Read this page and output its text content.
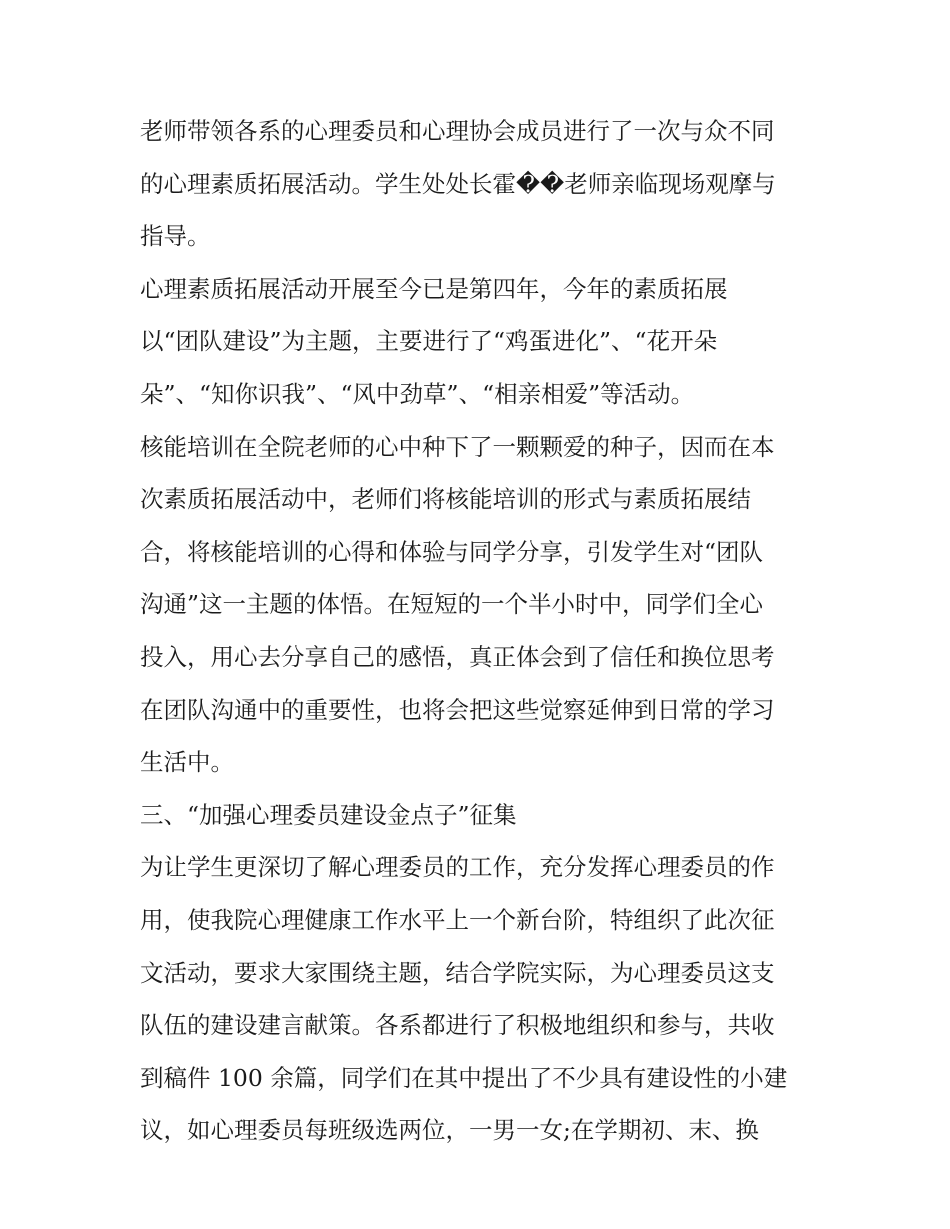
老师带领各系的心理委员和心理协会成员进行了一次与众不同
的心理素质拓展活动。学生处处长霍��老师亲临现场观摩与
指导。
心理素质拓展活动开展至今已是第四年，今年的素质拓展
以“团队建设”为主题，主要进行了“鸡蛋进化”、“花开朵
朵”、“知你识我”、“风中劲草”、“相亲相爱”等活动。
核能培训在全院老师的心中种下了一颗颗爱的种子，因而在本
次素质拓展活动中，老师们将核能培训的形式与素质拓展结
合，将核能培训的心得和体验与同学分享，引发学生对“团队
沟通”这一主题的体悟。在短短的一个半小时中，同学们全心
投入，用心去分享自己的感悟，真正体会到了信任和换位思考
在团队沟通中的重要性，也将会把这些觉察延伸到日常的学习
生活中。
三、“加强心理委员建设金点子”征集
为让学生更深切了解心理委员的工作，充分发挥心理委员的作
用，使我院心理健康工作水平上一个新台阶，特组织了此次征
文活动，要求大家围绕主题，结合学院实际，为心理委员这支
队伍的建设建言献策。各系都进行了积极地组织和参与，共收
到稿件 100 余篇，同学们在其中提出了不少具有建设性的小建
议，如心理委员每班级选两位，一男一女;在学期初、末、换
